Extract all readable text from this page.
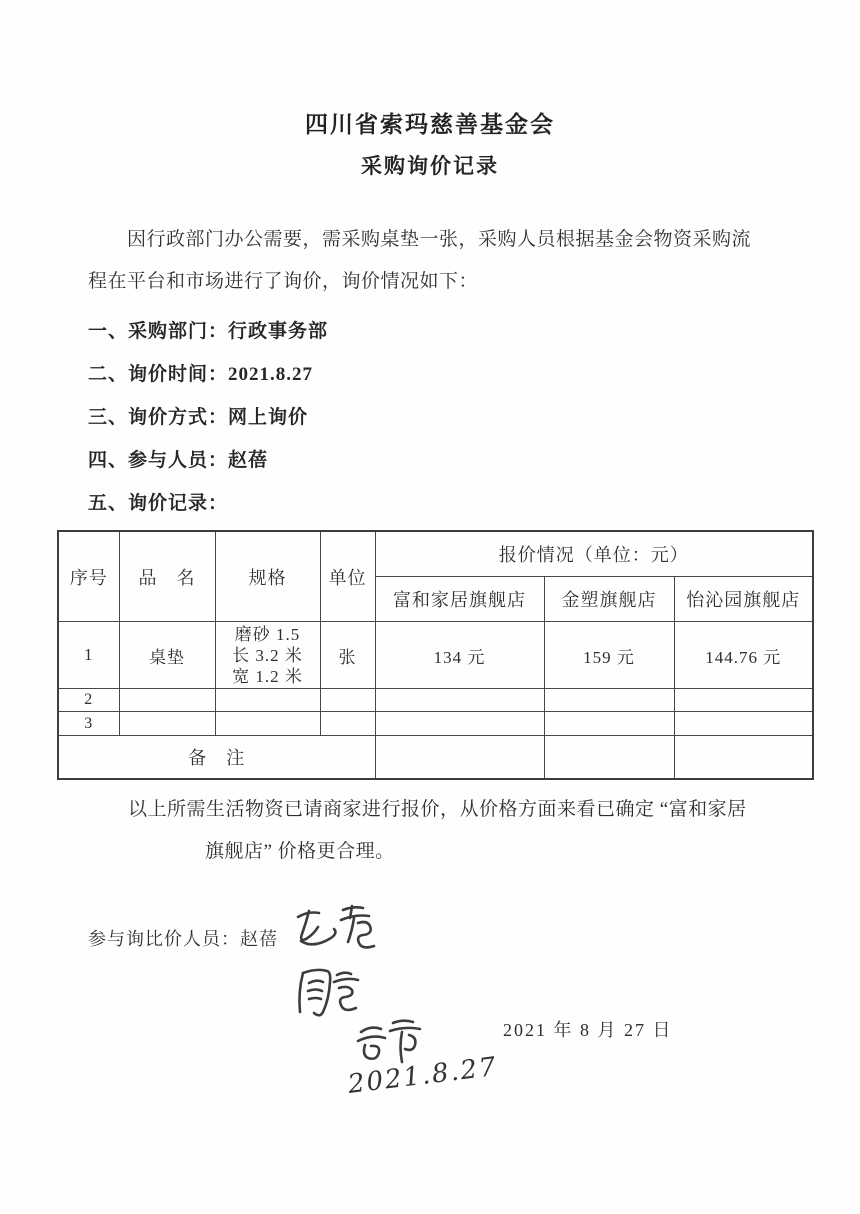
四川省索玛慈善基金会
采购询价记录
因行政部门办公需要，需采购桌垫一张，采购人员根据基金会物资采购流
程在平台和市场进行了询价，询价情况如下：
一、采购部门：行政事务部
二、询价时间：2021.8.27
三、询价方式：网上询价
四、参与人员：赵蓓
五、询价记录：
序号	品　名	规格	单位	报价情况（单位：元）		
				富和家居旗舰店	金塑旗舰店	怡沁园旗舰店
1	桌垫	磨砂 1.5
长 3.2 米
宽 1.2 米	张	134 元	159 元	144.76 元
2						
3						
备　注						
以上所需生活物资已请商家进行报价，从价格方面来看已确定 “富和家居
旗舰店” 价格更合理。
参与询比价人员：赵蓓
2021.8.27
2021 年 8 月 27 日
